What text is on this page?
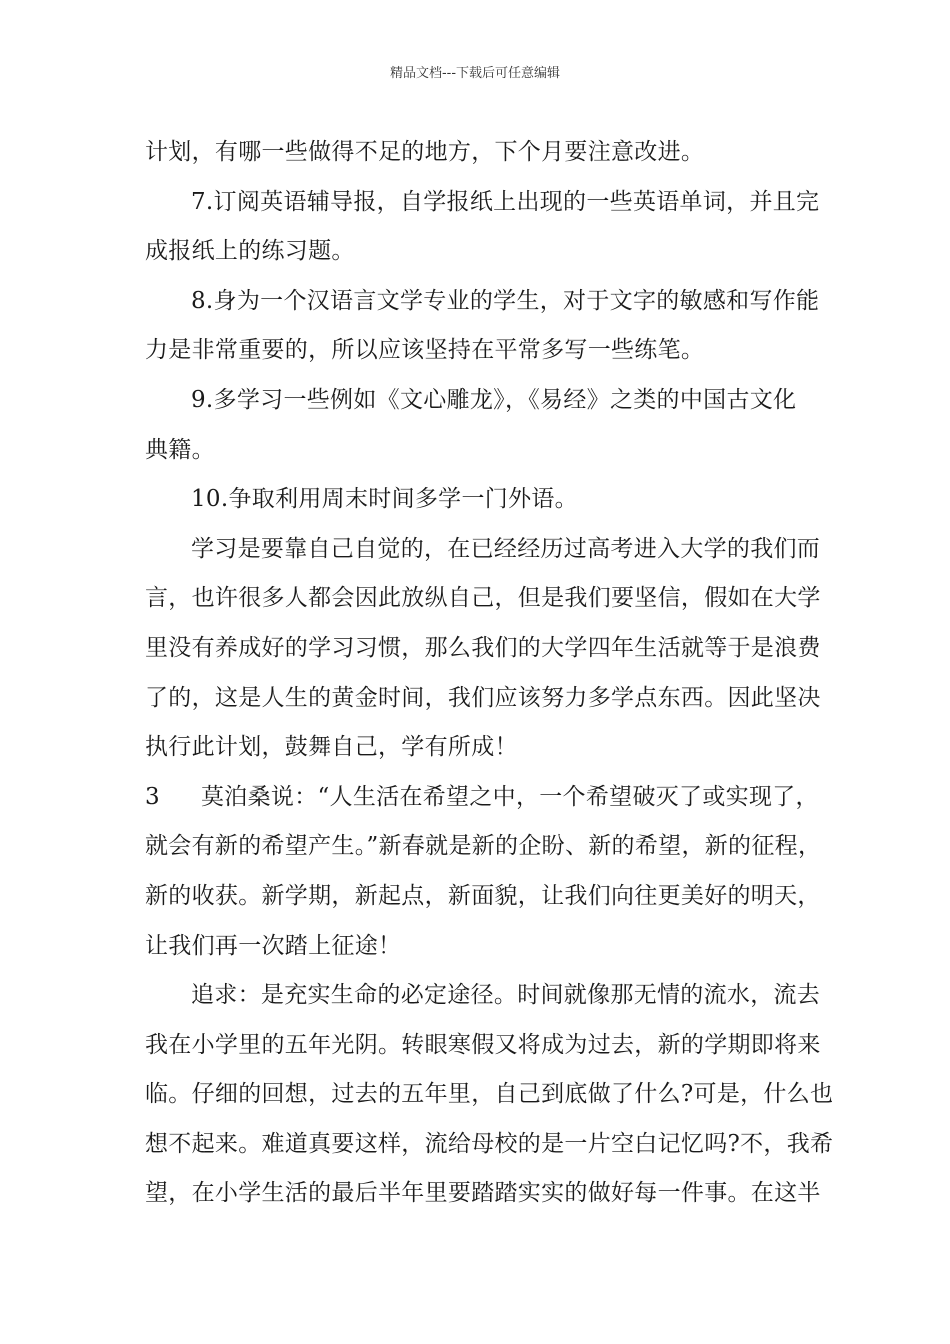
精品文档---下载后可任意编辑
计划，有哪一些做得不足的地方，下个月要注意改进。
7.订阅英语辅导报，自学报纸上出现的一些英语单词，并且完
成报纸上的练习题。
8.身为一个汉语言文学专业的学生，对于文字的敏感和写作能
力是非常重要的，所以应该坚持在平常多写一些练笔。
9.多学习一些例如《文心雕龙》，《易经》之类的中国古文化
典籍。
10.争取利用周末时间多学一门外语。
学习是要靠自己自觉的，在已经经历过高考进入大学的我们而
言，也许很多人都会因此放纵自己，但是我们要坚信，假如在大学
里没有养成好的学习习惯，那么我们的大学四年生活就等于是浪费
了的，这是人生的黄金时间，我们应该努力多学点东西。因此坚决
执行此计划，鼓舞自己，学有所成！
3 莫泊桑说：“人生活在希望之中，一个希望破灭了或实现了，
就会有新的希望产生。”新春就是新的企盼、新的希望，新的征程，
新的收获。新学期，新起点，新面貌，让我们向往更美好的明天，
让我们再一次踏上征途！
追求：是充实生命的必定途径。时间就像那无情的流水，流去
我在小学里的五年光阴。转眼寒假又将成为过去，新的学期即将来
临。仔细的回想，过去的五年里，自己到底做了什么?可是，什么也
想不起来。难道真要这样，流给母校的是一片空白记忆吗?不，我希
望，在小学生活的最后半年里要踏踏实实的做好每一件事。在这半
